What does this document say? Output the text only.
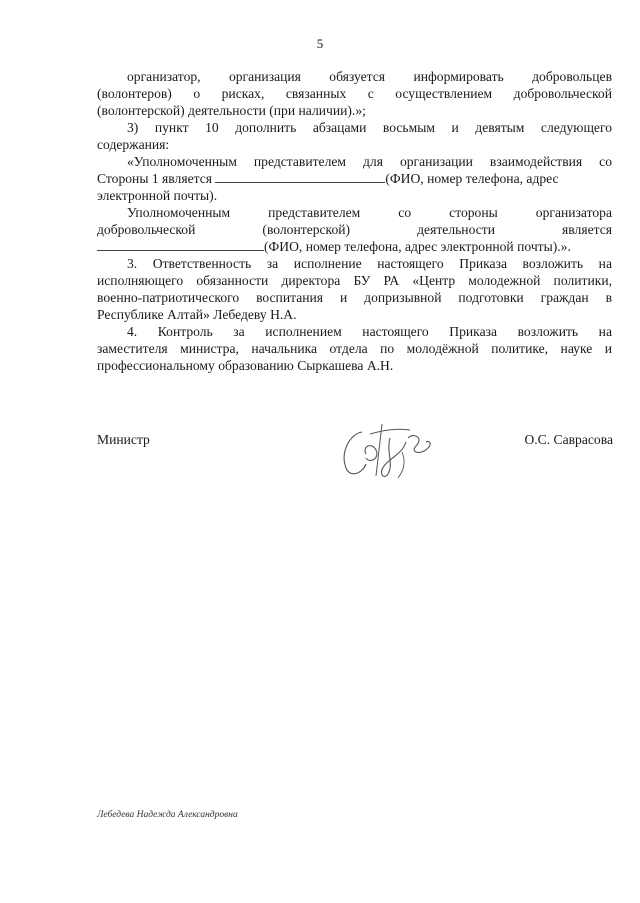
5
организатор, организация обязуется информировать добровольцев
(волонтеров) о рисках, связанных с осуществлением добровольческой
(волонтерской) деятельности (при наличии).»;
3) пункт 10 дополнить абзацами восьмым и девятым следующего
содержания:
«Уполномоченным представителем для организации взаимодействия со
Стороны 1 является	(ФИО, номер телефона, адрес
электронной почты).
Уполномоченным представителем со стороны организатора
добровольческой (волонтерской) деятельности является
(ФИО, номер телефона, адрес электронной почты).».
3. Ответственность за исполнение настоящего Приказа возложить на
исполняющего обязанности директора БУ РА «Центр молодежной политики,
военно-патриотического воспитания и допризывной подготовки граждан в
Республике Алтай» Лебедеву Н.А.
4. Контроль за исполнением настоящего Приказа возложить на
заместителя министра, начальника отдела по молодёжной политике, науке и
профессиональному образованию Сыркашева А.Н.
Министр	О.С. Саврасова
Лебедева Надежда Александровна
